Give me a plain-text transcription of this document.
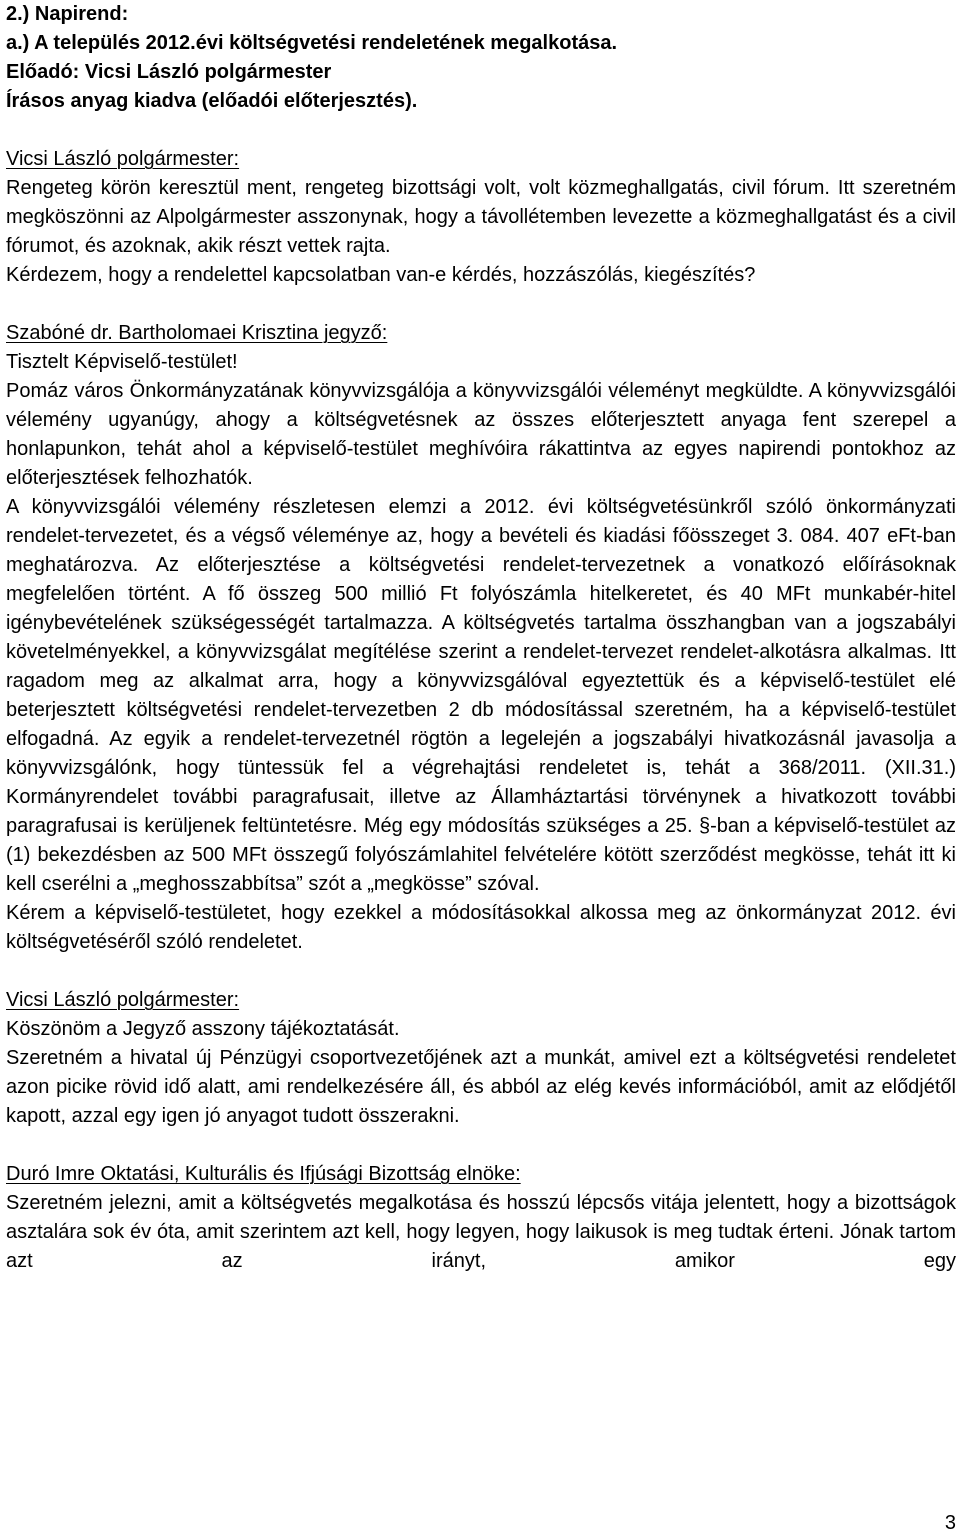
2.) Napirend:
a.) A település 2012.évi költségvetési rendeletének megalkotása.
Előadó: Vicsi László polgármester
Írásos anyag kiadva (előadói előterjesztés).
Vicsi László polgármester:
Rengeteg körön keresztül ment, rengeteg bizottsági volt, volt közmeghallgatás, civil fórum. Itt szeretném megköszönni az Alpolgármester asszonynak, hogy a távollétemben levezette a közmeghallgatást és a civil fórumot, és azoknak, akik részt vettek rajta.
Kérdezem, hogy a rendelettel kapcsolatban van-e kérdés, hozzászólás, kiegészítés?
Szabóné dr. Bartholomaei Krisztina jegyző:
Tisztelt Képviselő-testület!
Pomáz város Önkormányzatának könyvvizsgálója a könyvvizsgálói véleményt megküldte. A könyvvizsgálói vélemény ugyanúgy, ahogy a költségvetésnek az összes előterjesztett anyaga fent szerepel a honlapunkon, tehát ahol a képviselő-testület meghívóira rákattintva az egyes napirendi pontokhoz az előterjesztések felhozhatók.
A könyvvizsgálói vélemény részletesen elemzi a 2012. évi költségvetésünkről szóló önkormányzati rendelet-tervezetet, és a végső véleménye az, hogy a bevételi és kiadási főösszeget 3. 084. 407 eFt-ban meghatározva. Az előterjesztése a költségvetési rendelet-tervezetnek a vonatkozó előírásoknak megfelelően történt. A fő összeg 500 millió Ft folyószámla hitelkeretet, és 40 MFt munkabér-hitel igénybevételének szükségességét tartalmazza. A költségvetés tartalma összhangban van a jogszabályi követelményekkel, a könyvvizsgálat megítélése szerint a rendelet-tervezet rendelet-alkotásra alkalmas. Itt ragadom meg az alkalmat arra, hogy a könyvvizsgálóval egyeztettük és a képviselő-testület elé beterjesztett költségvetési rendelet-tervezetben 2 db módosítással szeretném, ha a képviselő-testület elfogadná. Az egyik a rendelet-tervezetnél rögtön a legelején a jogszabályi hivatkozásnál javasolja a könyvvizsgálónk, hogy tüntessük fel a végrehajtási rendeletet is, tehát a 368/2011. (XII.31.) Kormányrendelet további paragrafusait, illetve az Államháztartási törvénynek a hivatkozott további paragrafusai is kerüljenek feltüntetésre. Még egy módosítás szükséges a 25. §-ban a képviselő-testület az (1) bekezdésben az 500 MFt összegű folyószámlahitel felvételére kötött szerződést megkösse, tehát itt ki kell cserélni a „meghosszabbítsa” szót a „megkösse” szóval.
Kérem a képviselő-testületet, hogy ezekkel a módosításokkal alkossa meg az önkormányzat 2012. évi költségvetéséről szóló rendeletet.
Vicsi László polgármester:
Köszönöm a Jegyző asszony tájékoztatását.
Szeretném a hivatal új Pénzügyi csoportvezetőjének azt a munkát, amivel ezt a költségvetési rendeletet azon picike rövid idő alatt, ami rendelkezésére áll, és abból az elég kevés információból, amit az elődjétől kapott, azzal egy igen jó anyagot tudott összerakni.
Duró Imre Oktatási, Kulturális és Ifjúsági Bizottság elnöke:
Szeretném jelezni, amit a költségvetés megalkotása és hosszú lépcsős vitája jelentett, hogy a bizottságok asztalára sok év óta, amit szerintem azt kell, hogy legyen, hogy laikusok is meg tudtak érteni. Jónak tartom azt az irányt, amikor egy
3
